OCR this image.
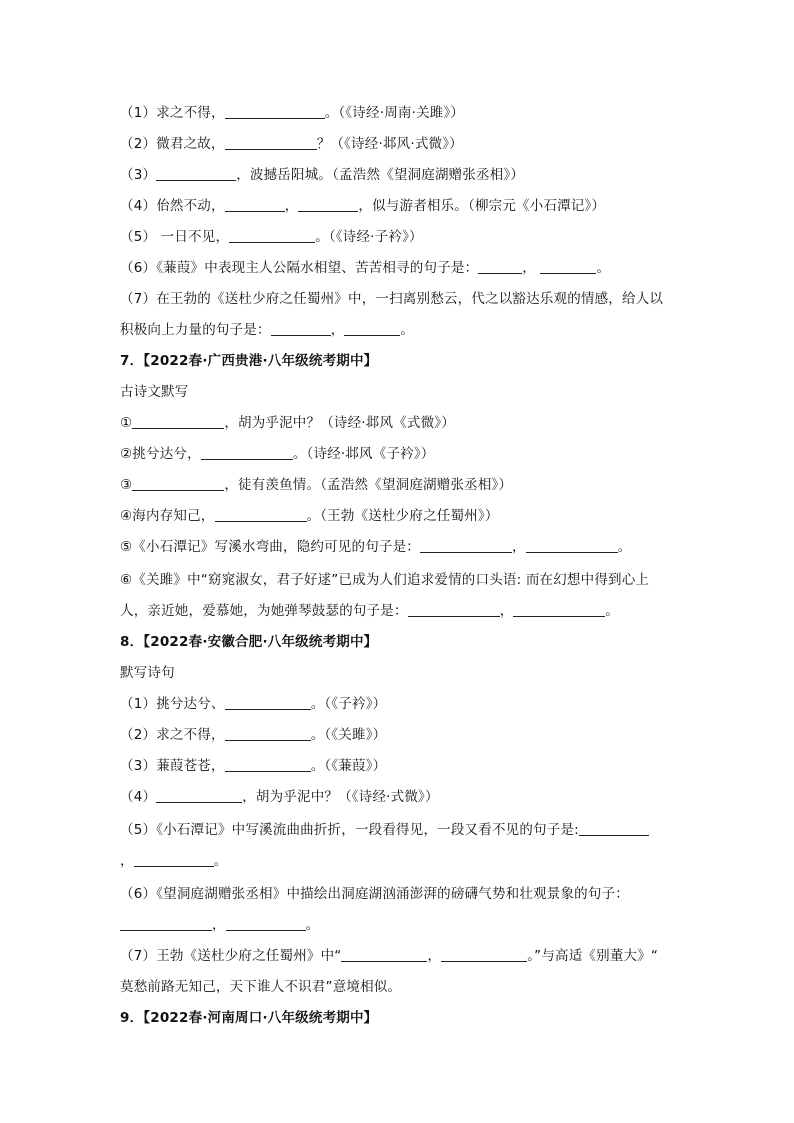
（1）求之不得，	。（《诗经·周南·关雎》）
（2）微君之故，	？（《诗经·邶风·式微》）
（3）	，波撼岳阳城。（孟浩然《望洞庭湖赠张丞相》）
（4）佁然不动，	，	，似与游者相乐。（柳宗元《小石潭记》）
（5） 一日不见，	。（《诗经·子衿》）
（6）《蒹葭》中表现主人公隔水相望、苦苦相寻的句子是：	，	。
（7）在王勃的《送杜少府之任蜀州》中，一扫离别愁云，代之以豁达乐观的情感，给人以
积极向上力量的句子是：	，	。
7．【2022春·广西贵港·八年级统考期中】
古诗文默写
①	，胡为乎泥中？（诗经·邶风《式微》）
②挑兮达兮，	。（诗经·邶风《子衿》）
③	，徒有羡鱼情。（孟浩然《望洞庭湖赠张丞相》）
④海内存知己，	。（王勃《送杜少府之任蜀州》）
⑤《小石潭记》写溪水弯曲，隐约可见的句子是：	，	。
⑥《关雎》中“窈窕淑女，君子好逑”已成为人们追求爱情的口头语: 而在幻想中得到心上
人，亲近她，爱慕她，为她弹琴鼓瑟的句子是：	，	。
8．【2022春·安徽合肥·八年级统考期中】
默写诗句
（1）挑兮达兮、	。（《子衿》）
（2）求之不得，	。（《关雎》）
（3）蒹葭苍苍，	。（《蒹葭》）
（4）	，胡为乎泥中？（《诗经·式微》）
（5）《小石潭记》中写溪流曲曲折折，一段看得见，一段又看不见的句子是:
，	。
（6）《望洞庭湖赠张丞相》中描绘出洞庭湖汹涌澎湃的磅礴气势和壮观景象的句子：
，	。
（7）王勃《送杜少府之任蜀州》中“	，	。”与高适《别董大》“
莫愁前路无知己，天下谁人不识君”意境相似。
9．【2022春·河南周口·八年级统考期中】
